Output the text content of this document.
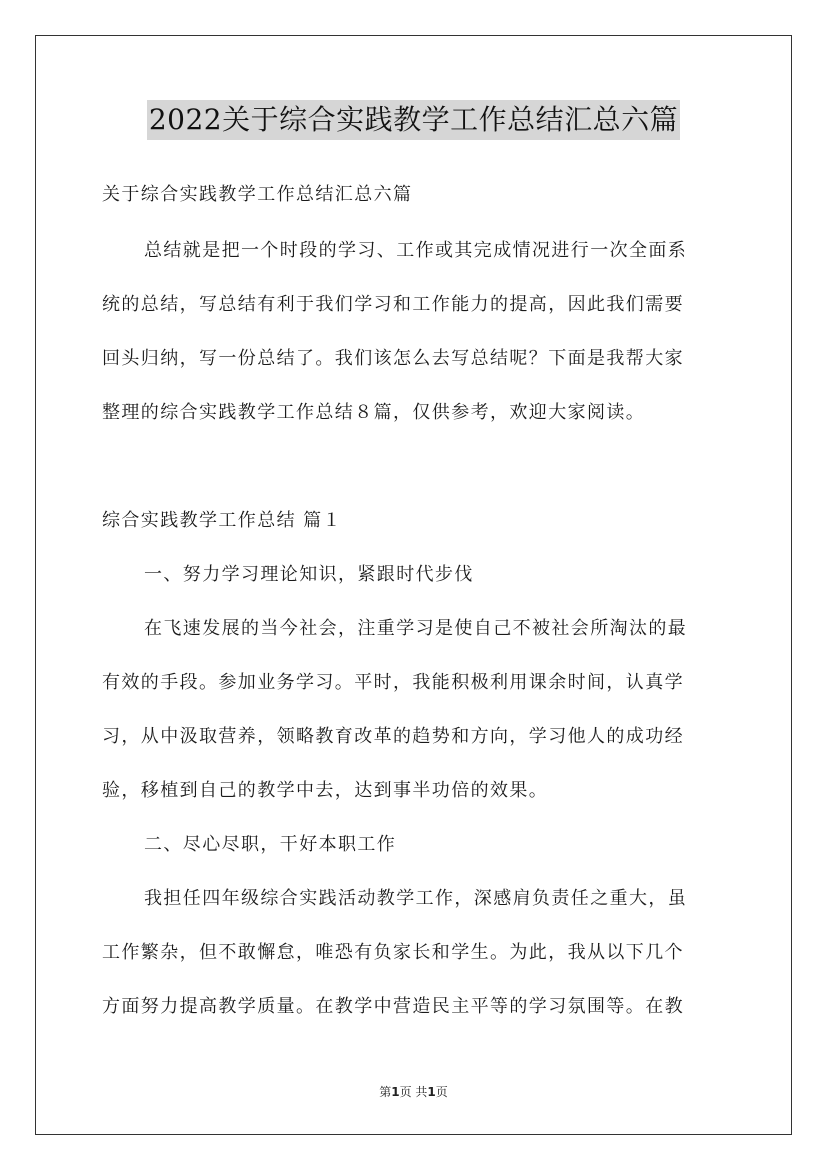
2022关于综合实践教学工作总结汇总六篇
关于综合实践教学工作总结汇总六篇
总结就是把一个时段的学习、工作或其完成情况进行一次全面系
统的总结，写总结有利于我们学习和工作能力的提高，因此我们需要
回头归纳，写一份总结了。我们该怎么去写总结呢？下面是我帮大家
整理的综合实践教学工作总结８篇，仅供参考，欢迎大家阅读。
综合实践教学工作总结 篇１
一、努力学习理论知识，紧跟时代步伐
在飞速发展的当今社会，注重学习是使自己不被社会所淘汰的最
有效的手段。参加业务学习。平时，我能积极利用课余时间，认真学
习，从中汲取营养，领略教育改革的趋势和方向，学习他人的成功经
验，移植到自己的教学中去，达到事半功倍的效果。
二、尽心尽职，干好本职工作
我担任四年级综合实践活动教学工作，深感肩负责任之重大，虽
工作繁杂，但不敢懈怠，唯恐有负家长和学生。为此，我从以下几个
方面努力提高教学质量。在教学中营造民主平等的学习氛围等。在教
第1页 共1页
